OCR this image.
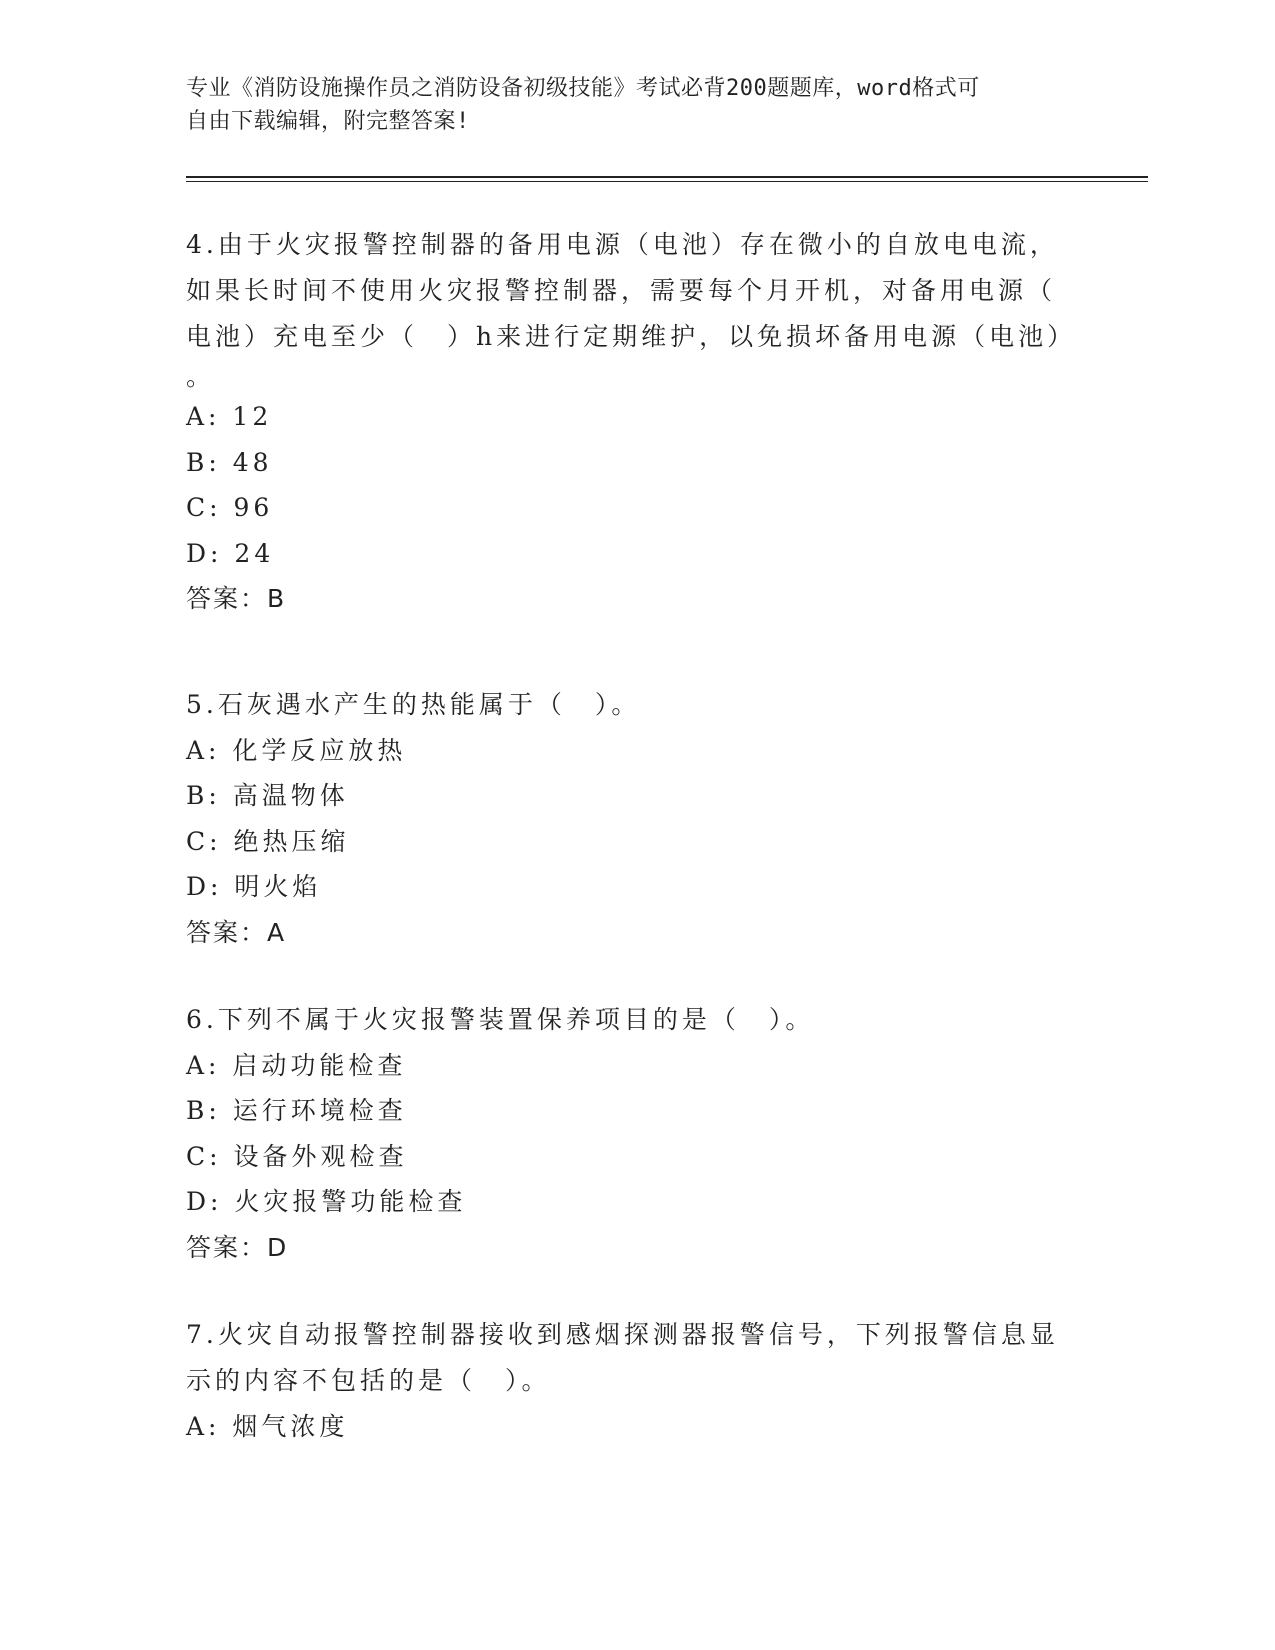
专业《消防设施操作员之消防设备初级技能》考试必背200题题库，word格式可
自由下载编辑，附完整答案!
4.由于火灾报警控制器的备用电源（电池）存在微小的自放电电流，
如果长时间不使用火灾报警控制器，需要每个月开机，对备用电源（
电池）充电至少（　）h来进行定期维护，以免损坏备用电源（电池）
。
A: 12
B: 48
C: 96
D: 24
答案：B
5.石灰遇水产生的热能属于（　）。
A: 化学反应放热
B: 高温物体
C: 绝热压缩
D: 明火焰
答案：A
6.下列不属于火灾报警装置保养项目的是（　）。
A: 启动功能检查
B: 运行环境检查
C: 设备外观检查
D: 火灾报警功能检查
答案：D
7.火灾自动报警控制器接收到感烟探测器报警信号，下列报警信息显
示的内容不包括的是（　）。
A: 烟气浓度
